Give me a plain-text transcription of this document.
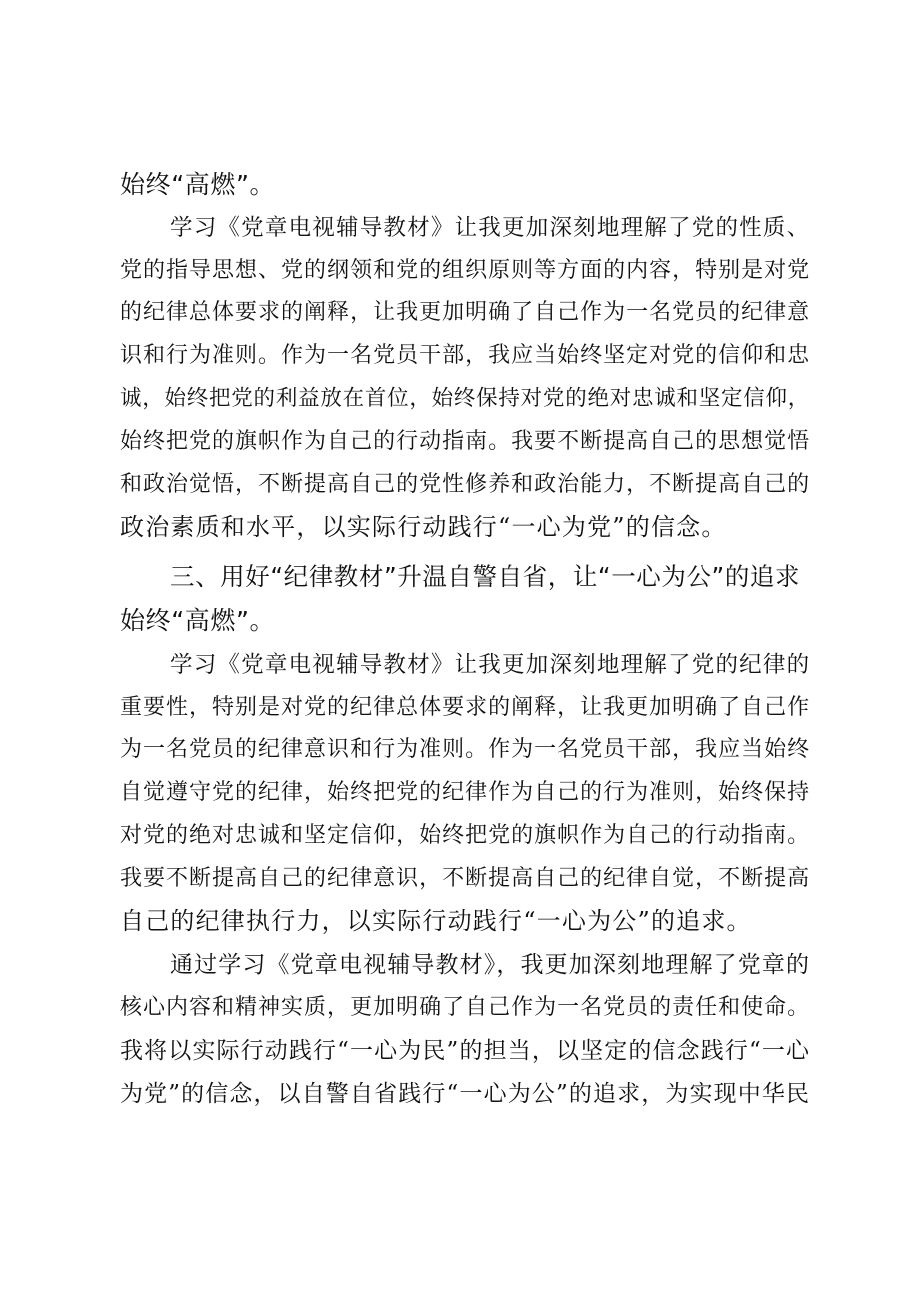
始终“高燃”。
学习《党章电视辅导教材》让我更加深刻地理解了党的性质、
党的指导思想、党的纲领和党的组织原则等方面的内容，特别是对党
的纪律总体要求的阐释，让我更加明确了自己作为一名党员的纪律意
识和行为准则。作为一名党员干部，我应当始终坚定对党的信仰和忠
诚，始终把党的利益放在首位，始终保持对党的绝对忠诚和坚定信仰，
始终把党的旗帜作为自己的行动指南。我要不断提高自己的思想觉悟
和政治觉悟，不断提高自己的党性修养和政治能力，不断提高自己的
政治素质和水平，以实际行动践行“一心为党”的信念。
三、用好“纪律教材”升温自警自省，让“一心为公”的追求
始终“高燃”。
学习《党章电视辅导教材》让我更加深刻地理解了党的纪律的
重要性，特别是对党的纪律总体要求的阐释，让我更加明确了自己作
为一名党员的纪律意识和行为准则。作为一名党员干部，我应当始终
自觉遵守党的纪律，始终把党的纪律作为自己的行为准则，始终保持
对党的绝对忠诚和坚定信仰，始终把党的旗帜作为自己的行动指南。
我要不断提高自己的纪律意识，不断提高自己的纪律自觉，不断提高
自己的纪律执行力，以实际行动践行“一心为公”的追求。
通过学习《党章电视辅导教材》，我更加深刻地理解了党章的
核心内容和精神实质，更加明确了自己作为一名党员的责任和使命。
我将以实际行动践行“一心为民”的担当，以坚定的信念践行“一心
为党”的信念，以自警自省践行“一心为公”的追求，为实现中华民
